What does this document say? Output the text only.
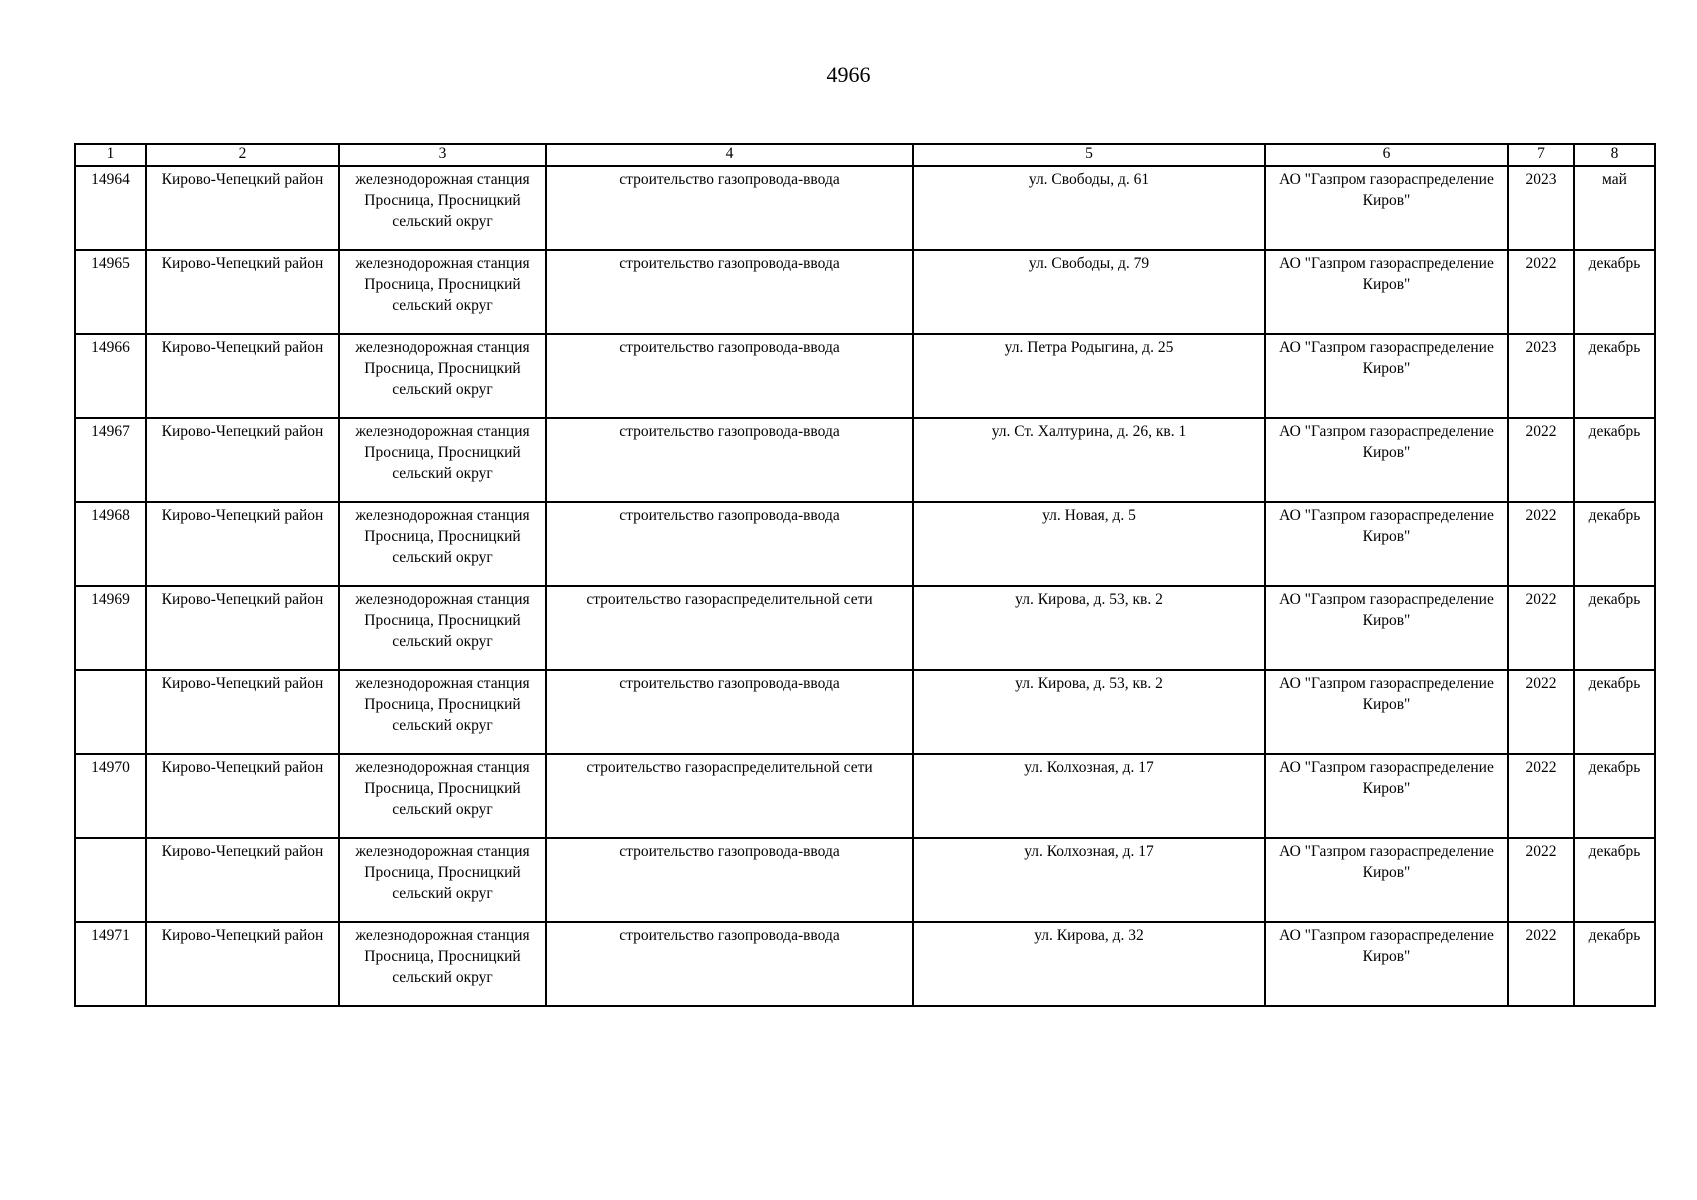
4966
1	2	3	4	5	6	7	8
14964	Кирово-Чепецкий район	железнодорожная станция Просница, Просницкий сельский округ	строительство газопровода-ввода	ул. Свободы, д. 61	АО "Газпром газораспределение Киров"	2023	май
14965	Кирово-Чепецкий район	железнодорожная станция Просница, Просницкий сельский округ	строительство газопровода-ввода	ул. Свободы, д. 79	АО "Газпром газораспределение Киров"	2022	декабрь
14966	Кирово-Чепецкий район	железнодорожная станция Просница, Просницкий сельский округ	строительство газопровода-ввода	ул. Петра Родыгина, д. 25	АО "Газпром газораспределение Киров"	2023	декабрь
14967	Кирово-Чепецкий район	железнодорожная станция Просница, Просницкий сельский округ	строительство газопровода-ввода	ул. Ст. Халтурина, д. 26, кв. 1	АО "Газпром газораспределение Киров"	2022	декабрь
14968	Кирово-Чепецкий район	железнодорожная станция Просница, Просницкий сельский округ	строительство газопровода-ввода	ул. Новая, д. 5	АО "Газпром газораспределение Киров"	2022	декабрь
14969	Кирово-Чепецкий район	железнодорожная станция Просница, Просницкий сельский округ	строительство газораспределительной сети	ул. Кирова, д. 53, кв. 2	АО "Газпром газораспределение Киров"	2022	декабрь
	Кирово-Чепецкий район	железнодорожная станция Просница, Просницкий сельский округ	строительство газопровода-ввода	ул. Кирова, д. 53, кв. 2	АО "Газпром газораспределение Киров"	2022	декабрь
14970	Кирово-Чепецкий район	железнодорожная станция Просница, Просницкий сельский округ	строительство газораспределительной сети	ул. Колхозная, д. 17	АО "Газпром газораспределение Киров"	2022	декабрь
	Кирово-Чепецкий район	железнодорожная станция Просница, Просницкий сельский округ	строительство газопровода-ввода	ул. Колхозная, д. 17	АО "Газпром газораспределение Киров"	2022	декабрь
14971	Кирово-Чепецкий район	железнодорожная станция Просница, Просницкий сельский округ	строительство газопровода-ввода	ул. Кирова, д. 32	АО "Газпром газораспределение Киров"	2022	декабрь
